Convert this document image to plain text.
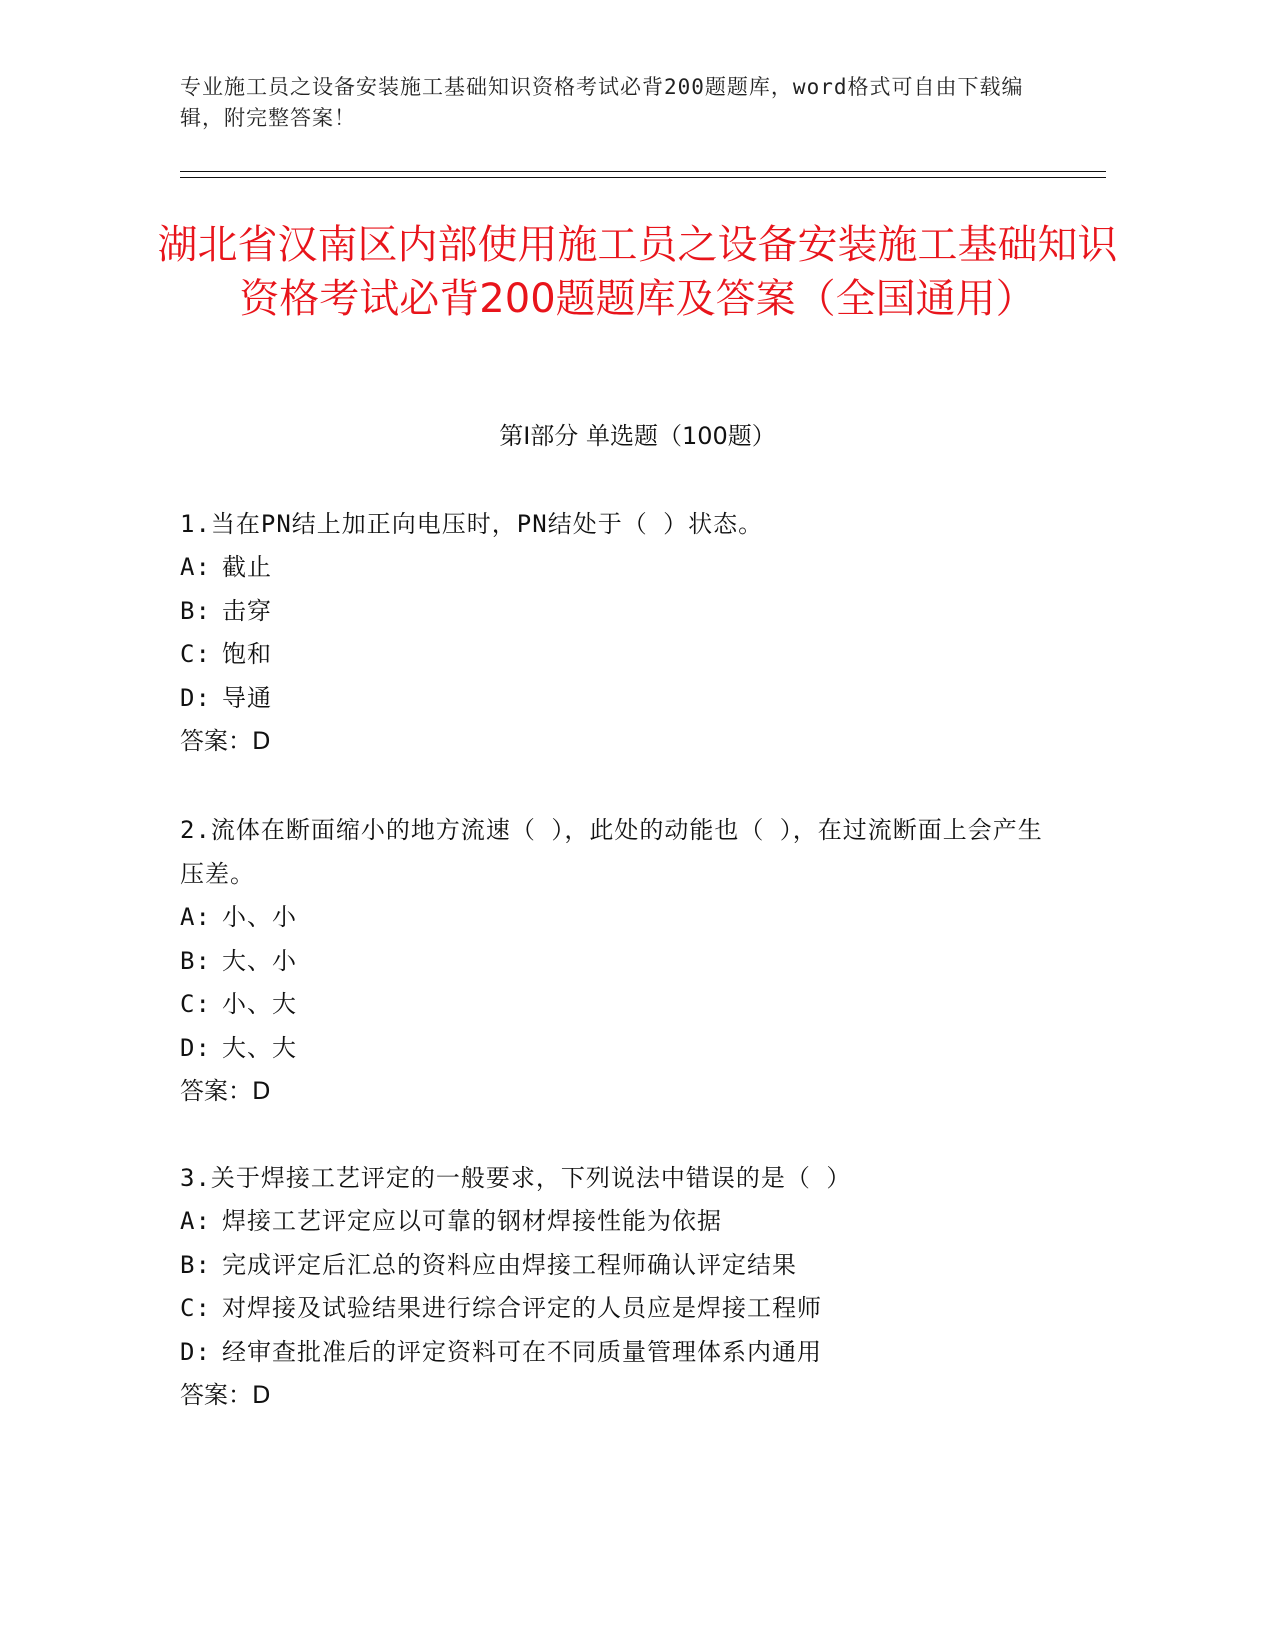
专业施工员之设备安装施工基础知识资格考试必背200题题库，word格式可自由下载编辑，附完整答案！
湖北省汉南区内部使用施工员之设备安装施工基础知识资格考试必背200题题库及答案（全国通用）
第Ⅰ部分 单选题（100题）
1.当在PN结上加正向电压时，PN结处于（ ）状态。
A: 截止
B: 击穿
C: 饱和
D: 导通
答案：D
2.流体在断面缩小的地方流速（ ），此处的动能也（ ），在过流断面上会产生压差。
A: 小、小
B: 大、小
C: 小、大
D: 大、大
答案：D
3.关于焊接工艺评定的一般要求，下列说法中错误的是（ ）
A: 焊接工艺评定应以可靠的钢材焊接性能为依据
B: 完成评定后汇总的资料应由焊接工程师确认评定结果
C: 对焊接及试验结果进行综合评定的人员应是焊接工程师
D: 经审查批准后的评定资料可在不同质量管理体系内通用
答案：D
